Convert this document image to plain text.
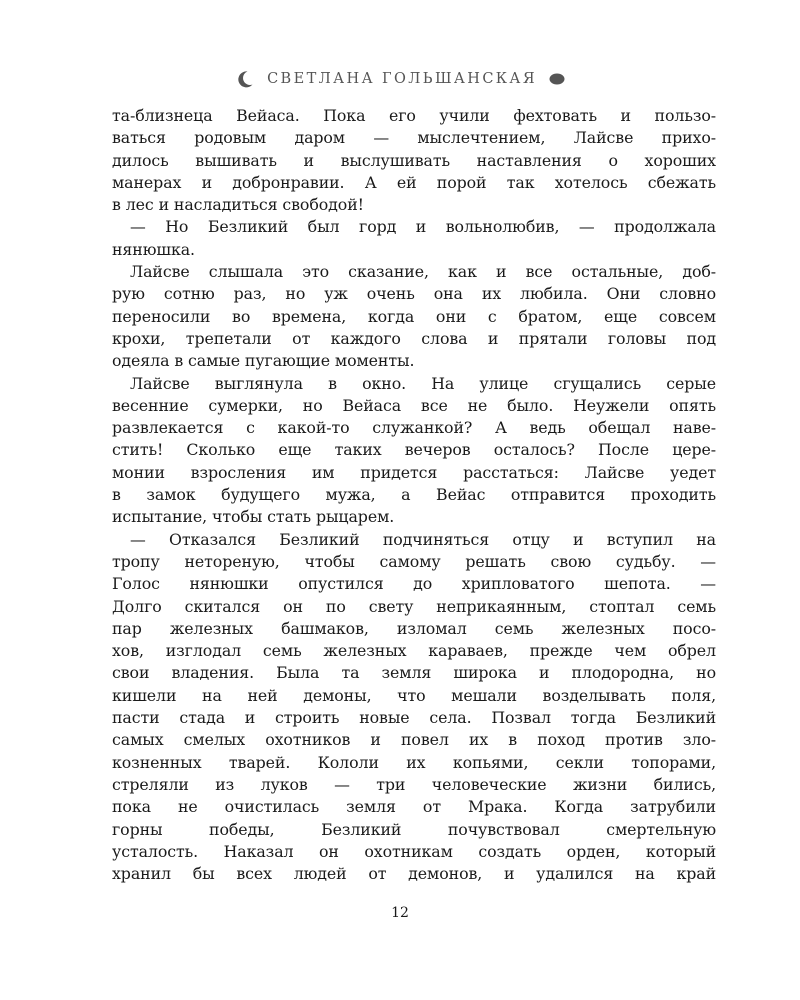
СВЕТЛАНА ГОЛЬШАНСКАЯ
та-близнеца Вейаса. Пока его учили фехтовать и пользо-
ваться родовым даром — мыслечтением, Лайсве прихо-
дилось вышивать и выслушивать наставления о хороших
манерах и добронравии. А ей порой так хотелось сбежать
в лес и насладиться свободой!
— Но Безликий был горд и вольнолюбив, — продолжала
нянюшка.
Лайсве слышала это сказание, как и все остальные, доб-
рую сотню раз, но уж очень она их любила. Они словно
переносили во времена, когда они с братом, еще совсем
крохи, трепетали от каждого слова и прятали головы под
одеяла в самые пугающие моменты.
Лайсве выглянула в окно. На улице сгущались серые
весенние сумерки, но Вейаса все не было. Неужели опять
развлекается с какой-то служанкой? А ведь обещал наве-
стить! Сколько еще таких вечеров осталось? После цере-
монии взросления им придется расстаться: Лайсве уедет
в замок будущего мужа, а Вейас отправится проходить
испытание, чтобы стать рыцарем.
— Отказался Безликий подчиняться отцу и вступил на
тропу нетореную, чтобы самому решать свою судьбу. —
Голос нянюшки опустился до хрипловатого шепота. —
Долго скитался он по свету неприкаянным, стоптал семь
пар железных башмаков, изломал семь железных посо-
хов, изглодал семь железных караваев, прежде чем обрел
свои владения. Была та земля широка и плодородна, но
кишели на ней демоны, что мешали возделывать поля,
пасти стада и строить новые села. Позвал тогда Безликий
самых смелых охотников и повел их в поход против зло-
козненных тварей. Кололи их копьями, секли топорами,
стреляли из луков — три человеческие жизни бились,
пока не очистилась земля от Мрака. Когда затрубили
горны победы, Безликий почувствовал смертельную
усталость. Наказал он охотникам создать орден, который
хранил бы всех людей от демонов, и удалился на край
12
